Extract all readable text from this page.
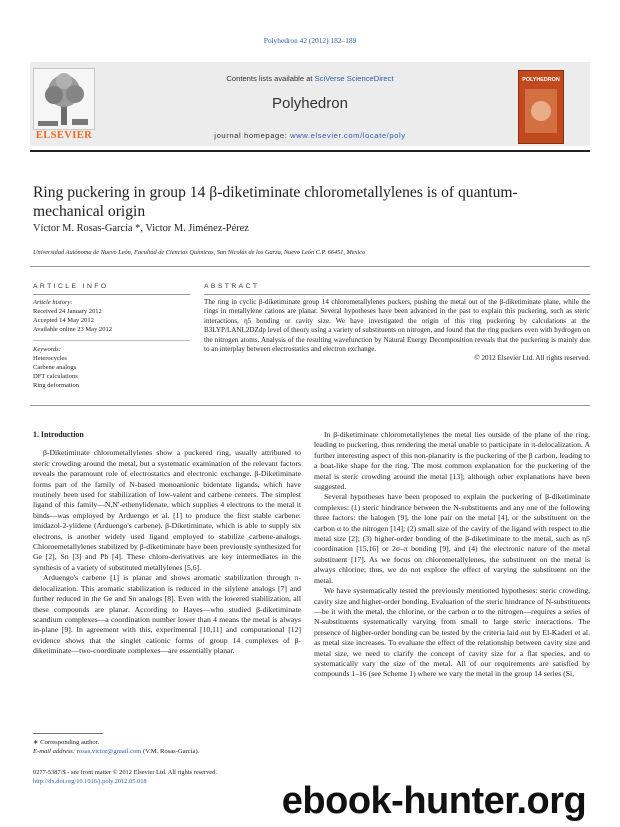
Polyhedron 42 (2012) 182–189
ELSEVIER
Contents lists available at SciVerse ScienceDirect
Polyhedron
journal homepage: www.elsevier.com/locate/poly
POLYHEDRON
Ring puckering in group 14 β-diketiminate chlorometallylenes is of quantum-mechanical origin
Víctor M. Rosas-García *, Victor M. Jiménez-Pérez
Universidad Autónoma de Nuevo León, Facultad de Ciencias Químicas, San Nicolás de los Garza, Nuevo León C.P. 66451, Mexico
ARTICLE INFO	ABSTRACT
Article history:
Received 24 January 2012
Accepted 14 May 2012
Available online 23 May 2012
Keywords:
Heterocycles
Carbene analogs
DFT calculations
Ring deformation
The ring in cyclic β-diketiminate group 14 chlorometallylenes puckers, pushing the metal out of the β-diketiminate plane, while the rings in metallylene cations are planar. Several hypotheses have been advanced in the past to explain this puckering, such as steric interactions, η5 bonding or cavity size. We have investigated the origin of this ring puckering by calculations at the B3LYP/LANL2DZdp level of theory using a variety of substituents on nitrogen, and found that the ring puckers even with hydrogen on the nitrogen atoms. Analysis of the resulting wavefunction by Natural Energy Decomposition reveals that the puckering is mainly due to an interplay between electrostatics and electron exchange.
© 2012 Elsevier Ltd. All rights reserved.
1. Introduction

β-Diketiminate chlorometallylenes show a puckered ring, usually attributed to steric crowding around the metal, but a systematic examination of the relevant factors reveals the paramount role of electrostatics and electronic exchange. β-Diketiminate forms part of the family of N-based monoanionic bidentate ligands, which have routinely been used for stabilization of low-valent and carbene centers. The simplest ligand of this family—N,N′-ethenylidenate, which supplies 4 electrons to the metal it binds—was employed by Arduengo et al. [1] to produce the first stable carbene: imidazol-2-ylidene (Arduengo's carbene). β-Diketiminate, which is able to supply six electrons, is another widely used ligand employed to stabilize carbene-analogs. Chloroemetallylenes stabilized by β-diketiminate have been previously synthesized for Ge [2], Sn [3] and Pb [4]. These chloro-derivatives are key intermediates in the synthesis of a variety of substituted metallylenes [5,6].

Arduengo's carbene [1] is planar and shows aromatic stabilization through π-delocalization. This aromatic stabilization is reduced in the silylene analogs [7] and further reduced in the Ge and Sn analogs [8]. Even with the lowered stabilization, all these compounds are planar. According to Hayes—who studied β-diketiminate scandium complexes—a coordination number lower than 4 means the metal is always in-plane [9]. In agreement with this, experimental [10,11] and computational [12] evidence shows that the singlet cationic forms of group 14 complexes of β-diketiminate—two-coordinate complexes—are essentially planar.

In β-diketiminate chlorometallylenes the metal lies outside of the plane of the ring, leading to puckering, thus rendering the metal unable to participate in π-delocalization. A further interesting aspect of this non-planarity is the puckering of the β carbon, leading to a boat-like shape for the ring. The most common explanation for the puckering of the metal is steric crowding around the metal [13]; although other explanations have been suggested.

Several hypotheses have been proposed to explain the puckering of β-diketiminate complexes: (1) steric hindrance between the N-substituents and any one of the following three factors: the halogen [9], the lone pair on the metal [4], or the substituent on the carbon α to the nitrogen [14]; (2) small size of the cavity of the ligand with respect to the metal size [2]; (3) higher-order bonding of the β-diketiminate to the metal, such as η5 coordination [15,16] or 2σ–π bonding [9], and (4) the electronic nature of the metal substituent [17]. As we focus on chlorometallylenes, the substituent on the metal is always chlorine; thus, we do not explore the effect of varying the substituent on the metal.

We have systematically tested the previously mentioned hypotheses: steric crowding, cavity size and higher-order bonding. Evaluation of the steric hindrance of N-substituents—be it with the metal, the chlorine, or the carbon α to the nitrogen—requires a series of N-substituents systematically varying from small to large steric interactions. The presence of higher-order bonding can be tested by the criteria laid out by El-Kaderi et al. as metal size increases. To evaluate the effect of the relationship between cavity size and metal size, we need to clarify the concept of cavity size for a flat species, and to systematically vary the size of the metal. All of our requirements are satisfied by compounds 1–16 (see Scheme 1) where we vary the metal in the group 14 series (Si,

∗ Corresponding author.
E-mail address: rosas.victor@gmail.com (V.M. Rosas-García).
0277-5387/$ - see front matter © 2012 Elsevier Ltd. All rights reserved.
http://dx.doi.org/10.1016/j.poly.2012.05.018	ebook-hunter.org
